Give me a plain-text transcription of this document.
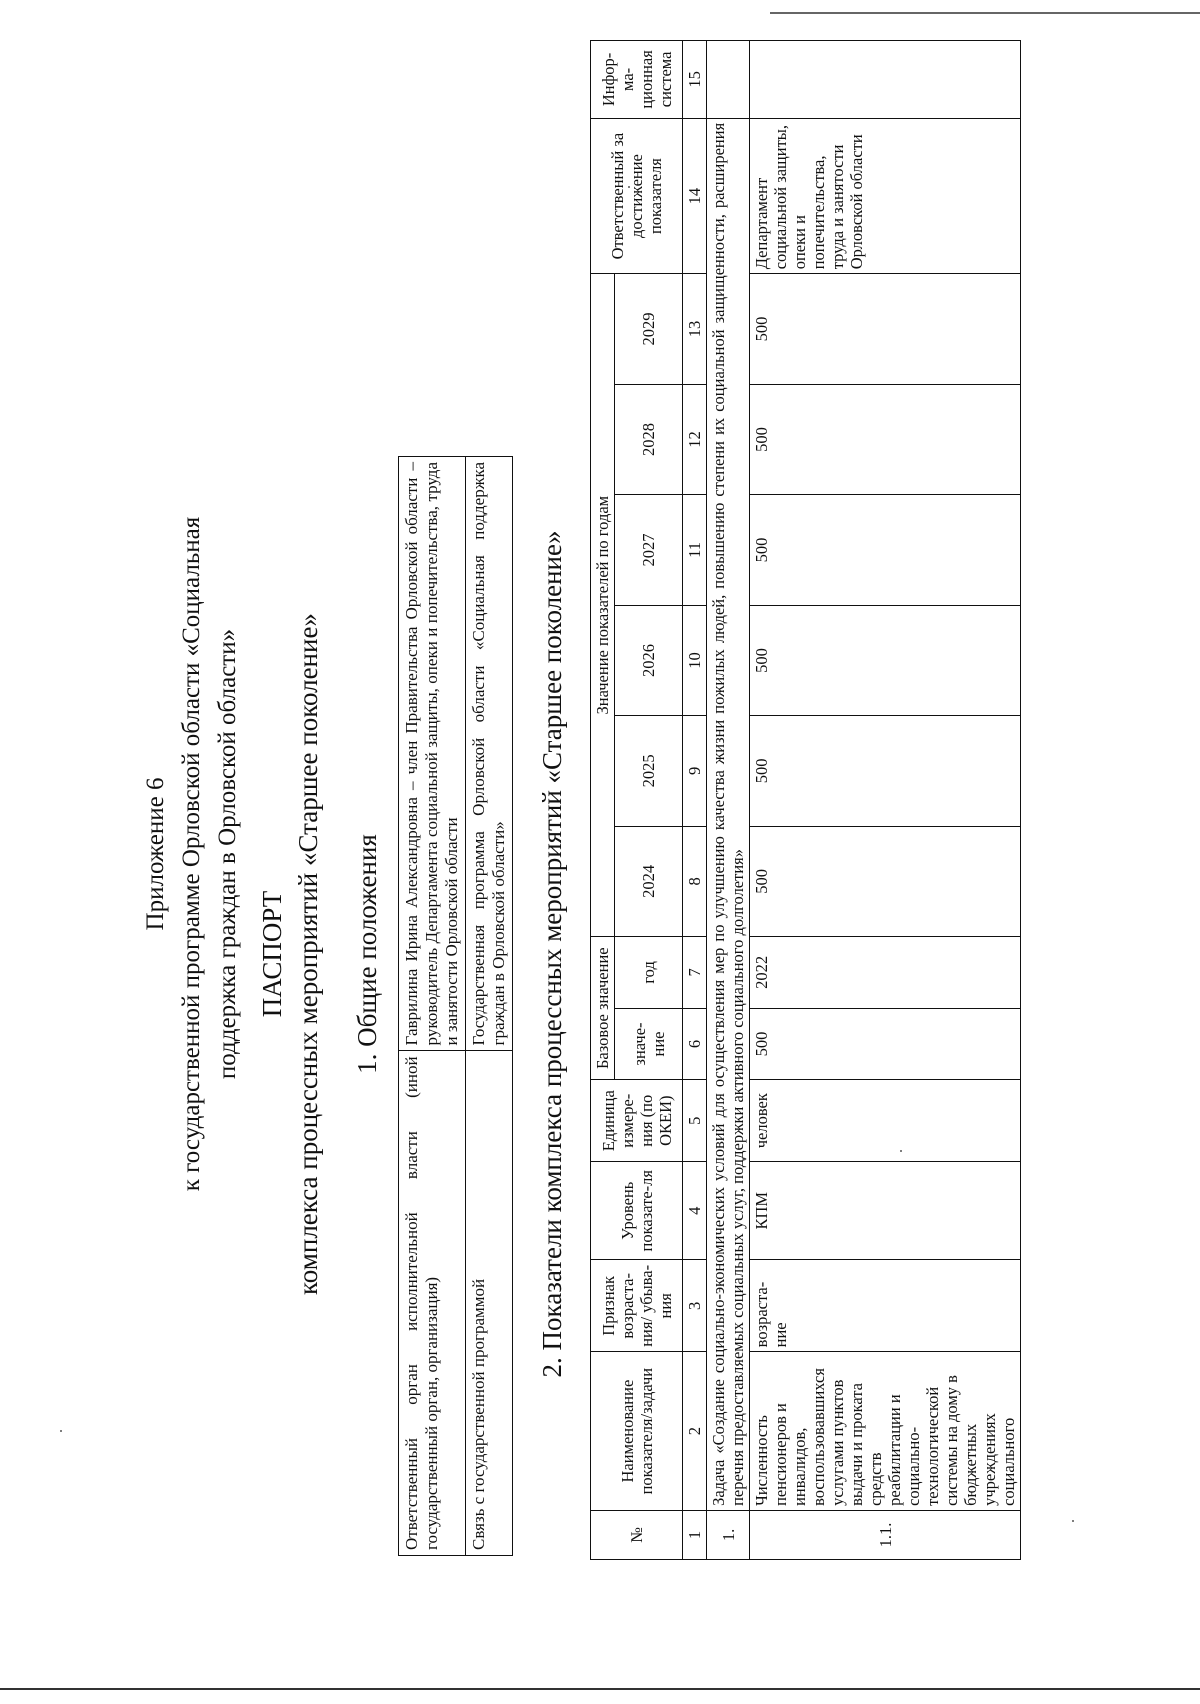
Приложение 6 к государственной программе Орловской области «Социальная поддержка граждан в Орловской области» ПАСПОРТ комплекса процессных мероприятий «Старшее поколение» 1. Общие положения
Ответственный орган исполнительной власти (иной государственный орган, организация)	Гаврилина Ирина Александровна – член Правительства Орловской области – руководитель Департамента социальной защиты, опеки и попечительства, труда и занятости Орловской области
Связь с государственной программой	Государственная программа Орловской области «Социальная поддержка граждан в Орловской области» 2. Показатели комплекса процессных мероприятий «Старшее поколение»
№	Наименование показателя/задачи	Признак возраста-ния/ убыва-ния	Уровень показате-ля	Единица измере-ния (по ОКЕИ)	Базовое значение		Значение показателей по годам						Ответственный за достижение показателя	Инфор-ма-ционная система
					значе-ние	год	2024	2025	2026	2027	2028	2029		
1	2	3	4	5	6	7	8	9	10	11	12	13	14	15
1.	Задача «Создание социально-экономических условий для осуществления мер по улучшению качества жизни пожилых людей, повышению степени их социальной защищенности, расширения перечня предоставляемых социальных услуг, поддержки активного социального долголетия»													
1.1.	Численность пенсионеров и инвалидов, воспользовавшихся услугами пунктов выдачи и проката средств реабилитации и социально-технологической системы на дому в бюджетных учреждениях социального	возраста-ние	КПМ	человек	500	2022	500	500	500	500	500	500	Департамент социальной защиты, опеки и попечительства, труда и занятости Орловской области	
